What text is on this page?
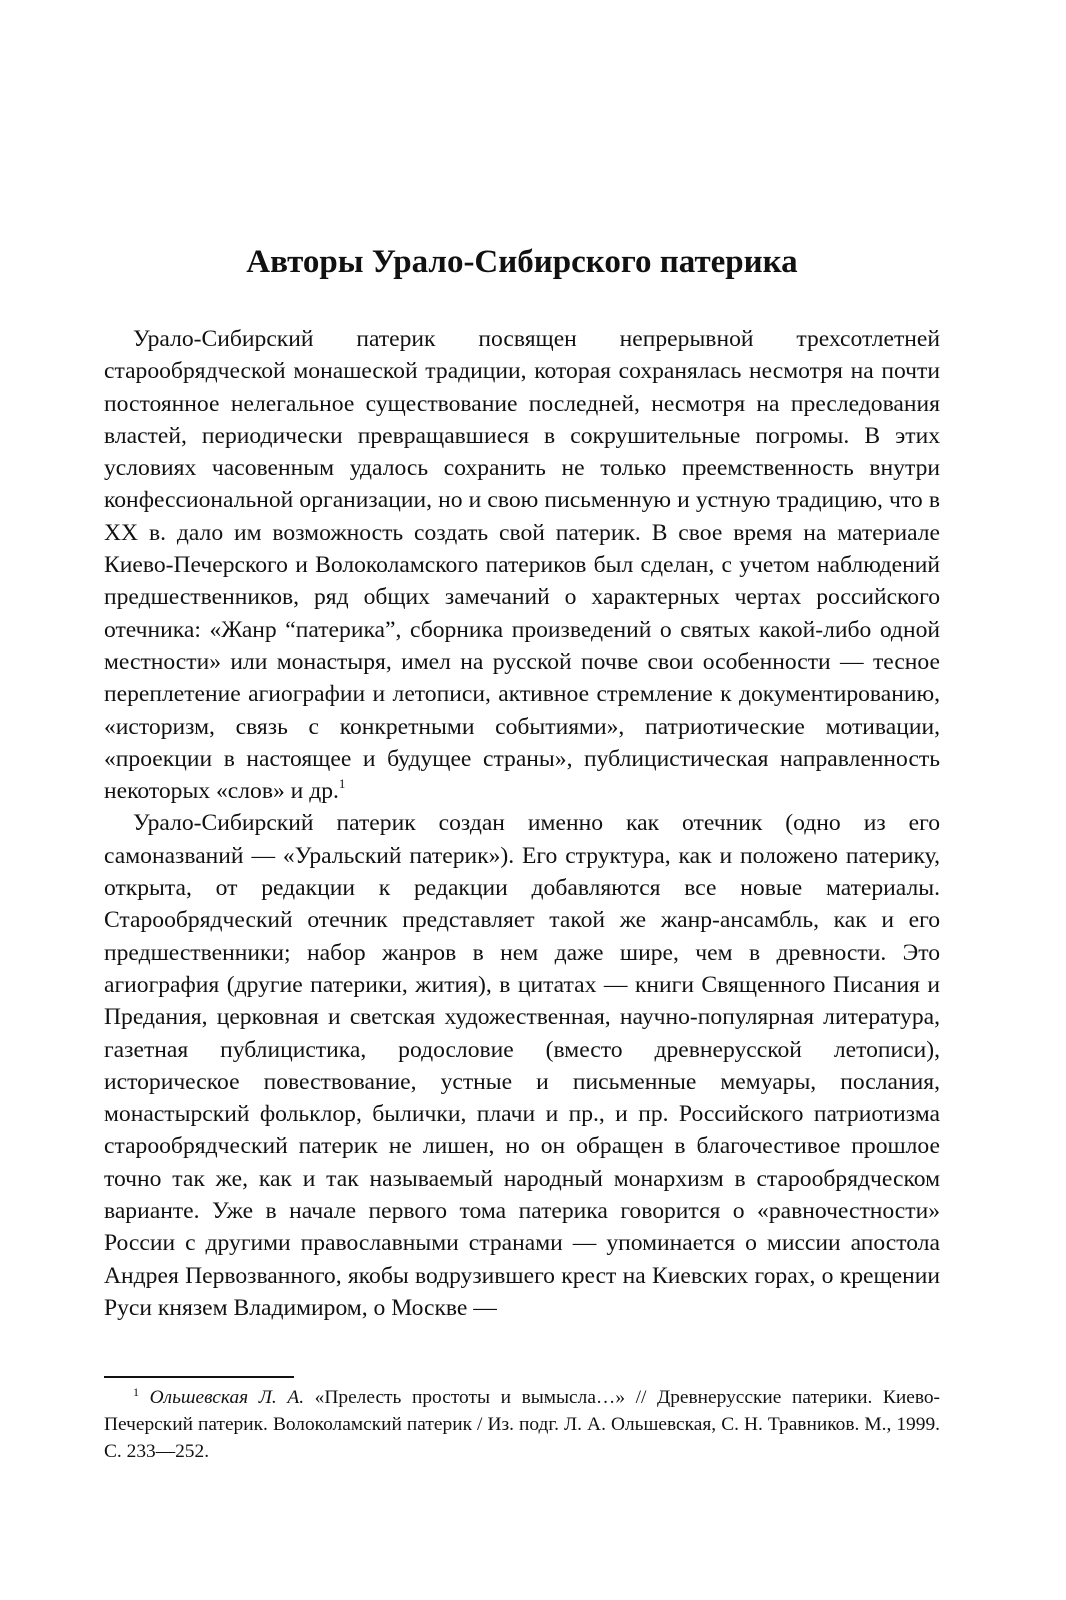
Авторы Урало-Сибирского патерика

Урало-Сибирский патерик посвящен непрерывной трехсотлетней старообрядческой монашеской традиции, которая сохранялась несмотря на почти постоянное нелегальное существование последней, несмотря на преследования властей, периодически превращавшиеся в сокрушительные погромы. В этих условиях часовенным удалось сохранить не только преемственность внутри конфессиональной организации, но и свою письменную и устную традицию, что в XX в. дало им возможность создать свой патерик. В свое время на материале Киево-Печерского и Волоколамского патериков был сделан, с учетом наблюдений предшественников, ряд общих замечаний о характерных чертах российского отечника: «Жанр “патерика”, сборника произведений о святых какой-либо одной местности» или монастыря, имел на русской почве свои особенности — тесное переплетение агиографии и летописи, активное стремление к документированию, «историзм, связь с конкретными событиями», патриотические мотивации, «проекции в настоящее и будущее страны», публицистическая направленность некоторых «слов» и др.$^1$

Урало-Сибирский патерик создан именно как отечник (одно из его самоназваний — «Уральский патерик»). Его структура, как и положено патерику, открыта, от редакции к редакции добавляются все новые материалы. Старообрядческий отечник представляет такой же жанр-ансамбль, как и его предшественники; набор жанров в нем даже шире, чем в древности. Это агиография (другие патерики, жития), в цитатах — книги Священного Писания и Предания, церковная и светская художественная, научно-популярная литература, газетная публицистика, родословие (вместо древнерусской летописи), историческое повествование, устные и письменные мемуары, послания, монастырский фольклор, былички, плачи и пр., и пр. Российского патриотизма старообрядческий патерик не лишен, но он обращен в благочестивое прошлое точно так же, как и так называемый народный монархизм в старообрядческом варианте. Уже в начале первого тома патерика говорится о «равночестности» России с другими православными странами — упоминается о миссии апостола Андрея Первозванного, якобы водрузившего крест на Киевских горах, о крещении Руси князем Владимиром, о Москве —

$^1$ Ольшевская Л. А. «Прелесть простоты и вымысла…» // Древнерусские патерики. Киево-Печерский патерик. Волоколамский патерик / Из. подг. Л. А. Ольшевская, С. Н. Травников. М., 1999. С. 233—252.
